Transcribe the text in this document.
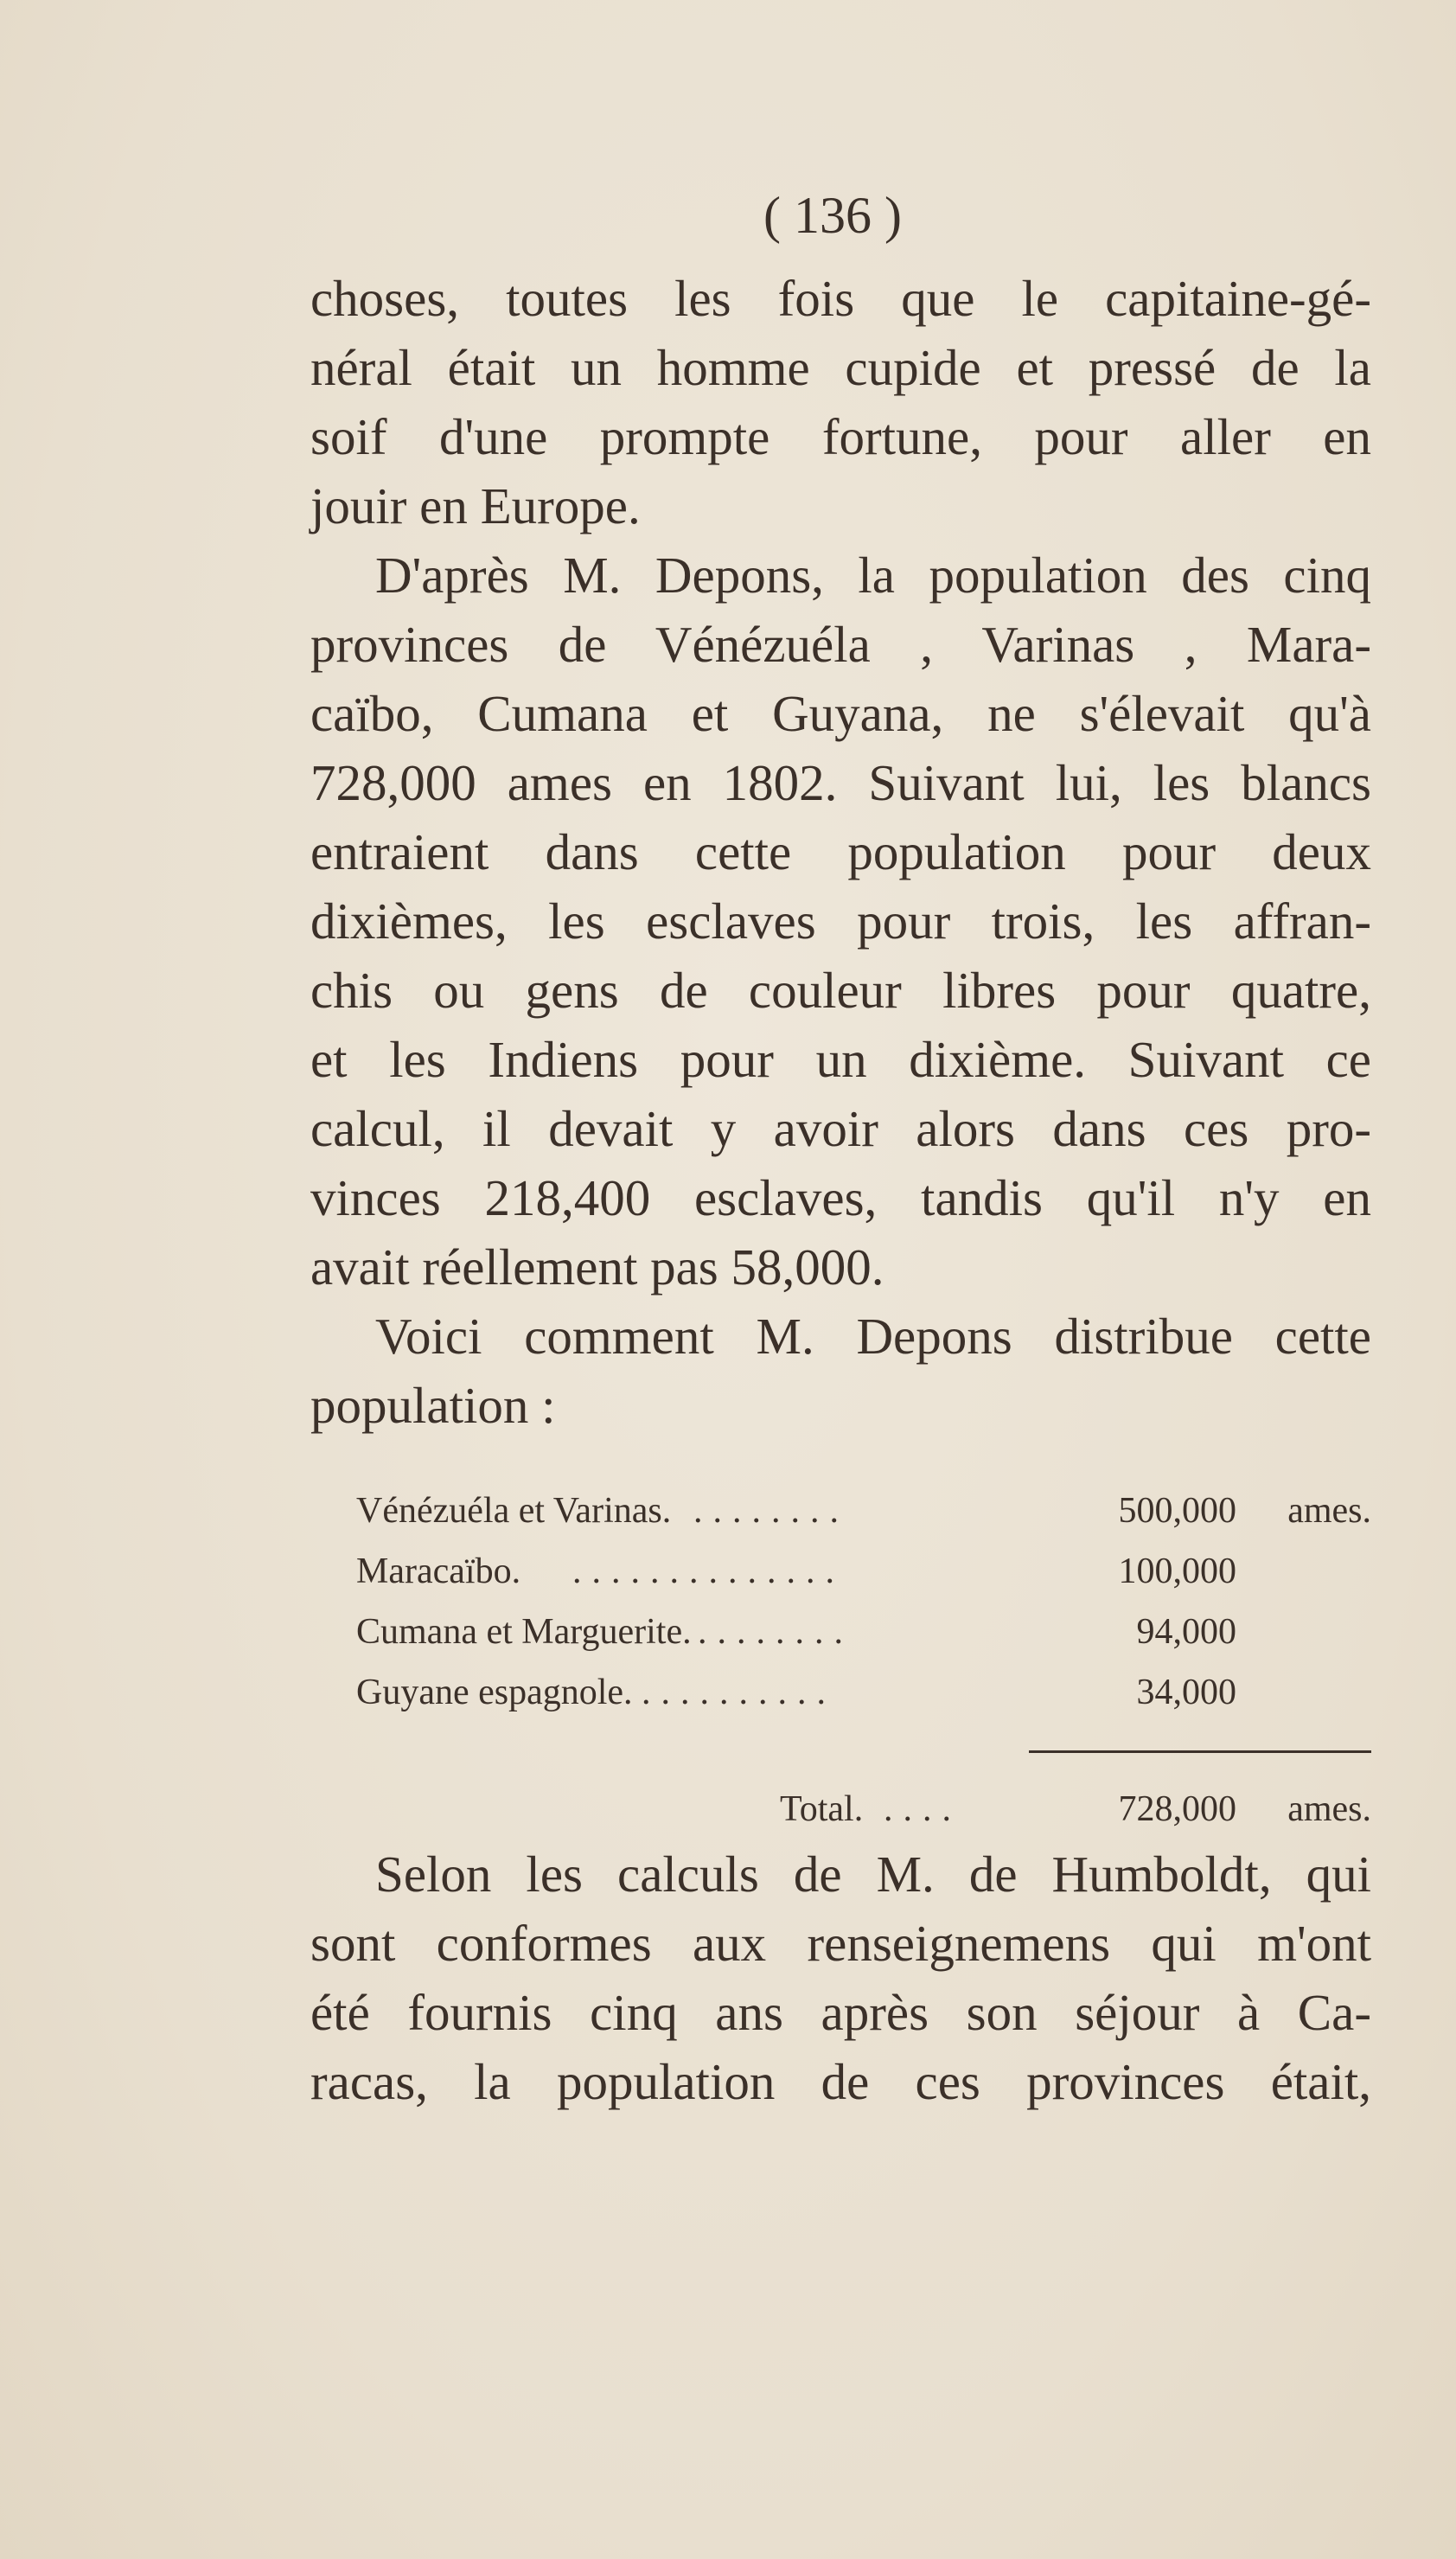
( 136 )
choses, toutes les fois que le capitaine-gé-
néral était un homme cupide et pressé de la
soif d'une prompte fortune, pour aller en
jouir en Europe.
D'après M. Depons, la population des cinq
provinces de Vénézuéla , Varinas , Mara-
caïbo, Cumana et Guyana, ne s'élevait qu'à
728,000 ames en 1802. Suivant lui, les blancs
entraient dans cette population pour deux
dixièmes, les esclaves pour trois, les affran-
chis ou gens de couleur libres pour quatre,
et les Indiens pour un dixième. Suivant ce
calcul, il devait y avoir alors dans ces pro-
vinces 218,400 esclaves, tandis qu'il n'y en
avait réellement pas 58,000.
Voici comment M. Depons distribue cette
population :
Vénézuéla et Varinas. ........	500,000 ames.
Maracaïbo. ..............	100,000
Cumana et Marguerite. ........	94,000
Guyane espagnole. ..........	34,000
Total. ....	728,000 ames.
Selon les calculs de M. de Humboldt, qui
sont conformes aux renseignemens qui m'ont
été fournis cinq ans après son séjour à Ca-
racas, la population de ces provinces était,
